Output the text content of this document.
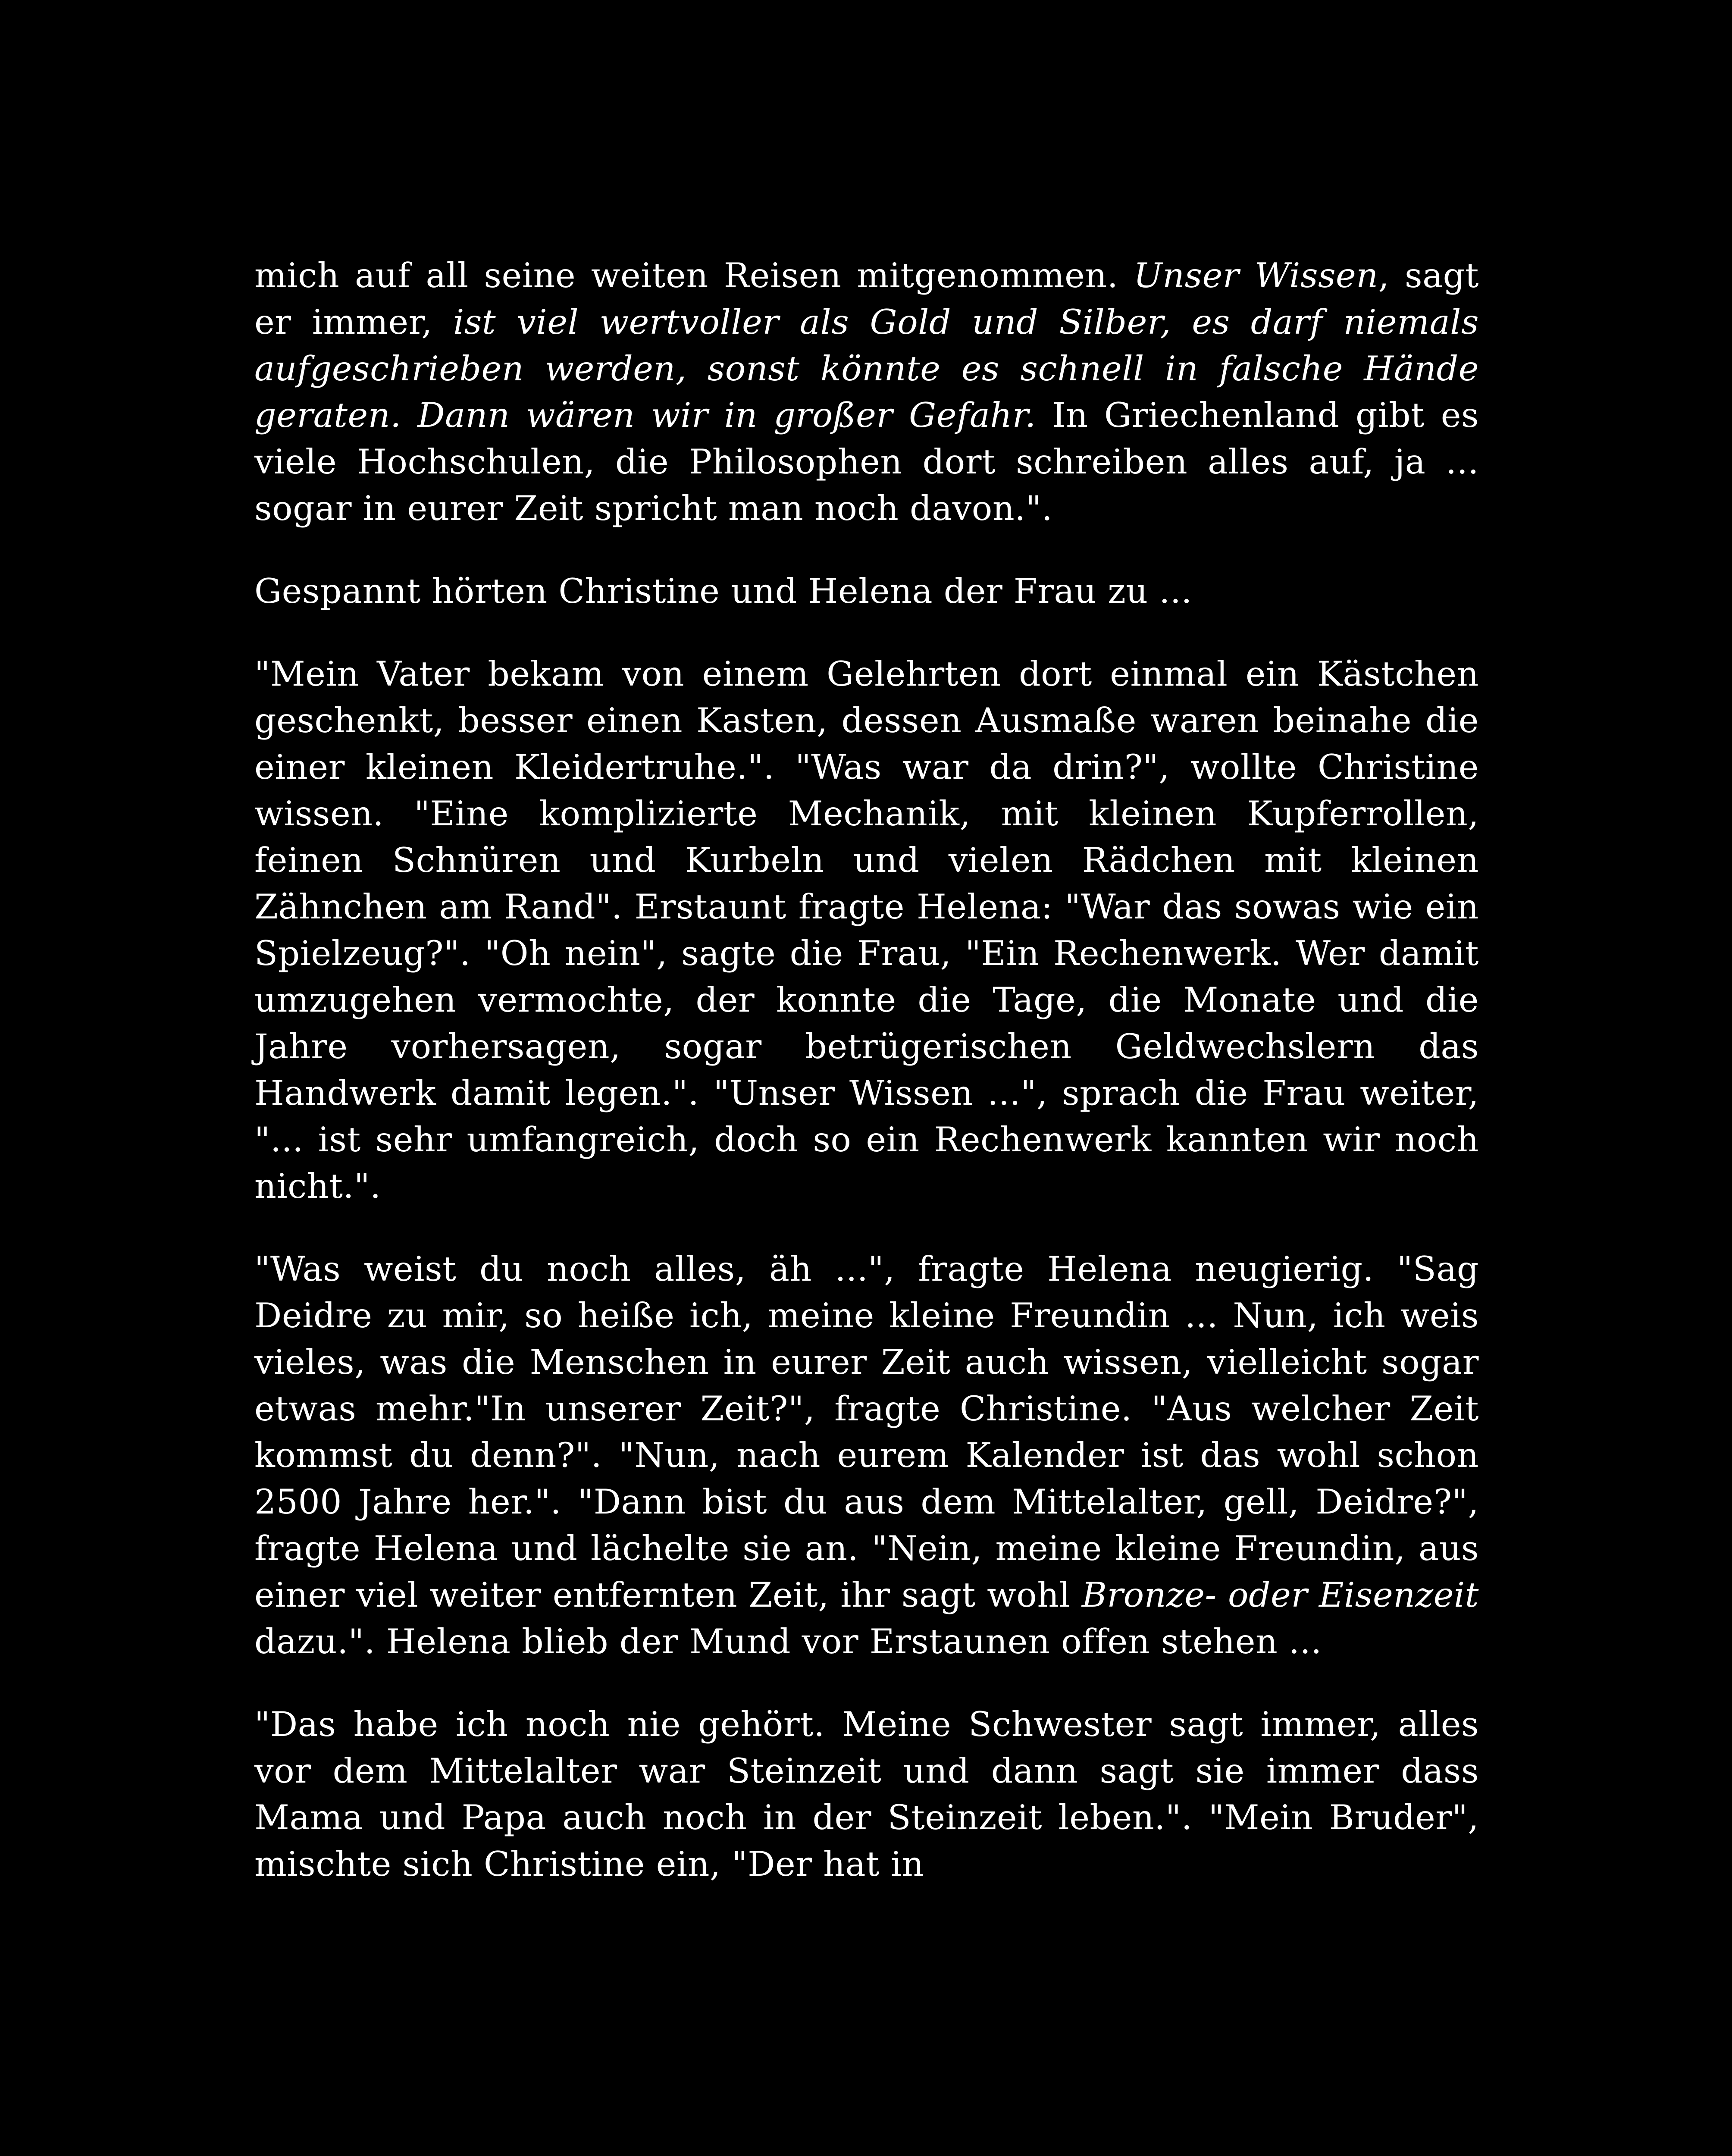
mich auf all seine weiten Reisen mitgenommen. Unser Wissen, sagt er immer, ist viel wertvoller als Gold und Silber, es darf niemals aufgeschrieben werden, sonst könnte es schnell in falsche Hände geraten. Dann wären wir in großer Gefahr. In Griechenland gibt es viele Hochschulen, die Philosophen dort schreiben alles auf, ja ... sogar in eurer Zeit spricht man noch davon.".

Gespannt hörten Christine und Helena der Frau zu ...

"Mein Vater bekam von einem Gelehrten dort einmal ein Kästchen geschenkt, besser einen Kasten, dessen Ausmaße waren beinahe die einer kleinen Kleidertruhe.". "Was war da drin?", wollte Christine wissen. "Eine komplizierte Mechanik, mit kleinen Kupferrollen, feinen Schnüren und Kurbeln und vielen Rädchen mit kleinen Zähnchen am Rand". Erstaunt fragte Helena: "War das sowas wie ein Spielzeug?". "Oh nein", sagte die Frau, "Ein Rechenwerk. Wer damit umzugehen vermochte, der konnte die Tage, die Monate und die Jahre vorhersagen, sogar betrügerischen Geldwechslern das Handwerk damit legen.". "Unser Wissen ...", sprach die Frau weiter, "... ist sehr umfangreich, doch so ein Rechenwerk kannten wir noch nicht.".

"Was weist du noch alles, äh ...", fragte Helena neugierig. "Sag Deidre zu mir, so heiße ich, meine kleine Freundin ... Nun, ich weis vieles, was die Menschen in eurer Zeit auch wissen, vielleicht sogar etwas mehr."In unserer Zeit?", fragte Christine. "Aus welcher Zeit kommst du denn?". "Nun, nach eurem Kalender ist das wohl schon 2500 Jahre her.". "Dann bist du aus dem Mittelalter, gell, Deidre?", fragte Helena und lächelte sie an. "Nein, meine kleine Freundin, aus einer viel weiter entfernten Zeit, ihr sagt wohl Bronze- oder Eisenzeit dazu.". Helena blieb der Mund vor Erstaunen offen stehen ...

"Das habe ich noch nie gehört. Meine Schwester sagt immer, alles vor dem Mittelalter war Steinzeit und dann sagt sie immer dass Mama und Papa auch noch in der Steinzeit leben.". "Mein Bruder", mischte sich Christine ein, "Der hat in
